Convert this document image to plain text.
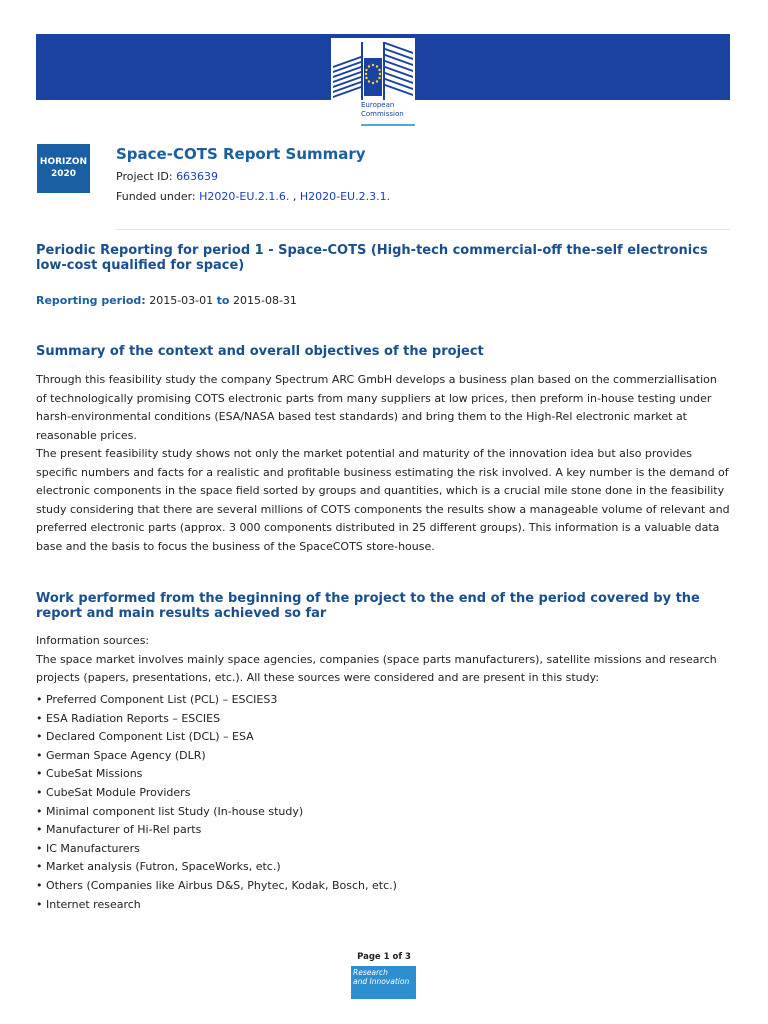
European
Commission
HORIZON
2020
Space-COTS Report Summary
Project ID: 663639
Funded under: H2020-EU.2.1.6. , H2020-EU.2.3.1.
Periodic Reporting for period 1 - Space-COTS (High-tech commercial-off the-self electronics low-cost qualified for space)
Reporting period: 2015-03-01 to 2015-08-31
Summary of the context and overall objectives of the project

Through this feasibility study the company Spectrum ARC GmbH develops a business plan based on the commerziallisation of technologically promising COTS electronic parts from many suppliers at low prices, then preform in-house testing under harsh-environmental conditions (ESA/NASA based test standards) and bring them to the High-Rel electronic market at reasonable prices.

The present feasibility study shows not only the market potential and maturity of the innovation idea but also provides specific numbers and facts for a realistic and profitable business estimating the risk involved. A key number is the demand of electronic components in the space field sorted by groups and quantities, which is a crucial mile stone done in the feasibility study considering that there are several millions of COTS components the results show a manageable volume of relevant and preferred electronic parts (approx. 3 000 components distributed in 25 different groups). This information is a valuable data base and the basis to focus the business of the SpaceCOTS store-house.

Work performed from the beginning of the project to the end of the period covered by the report and main results achieved so far

Information sources:

The space market involves mainly space agencies, companies (space parts manufacturers), satellite missions and research projects (papers, presentations, etc.). All these sources were considered and are present in this study:

• Preferred Component List (PCL) – ESCIES3
• ESA Radiation Reports – ESCIES
• Declared Component List (DCL) – ESA
• German Space Agency (DLR)
• CubeSat Missions
• CubeSat Module Providers
• Minimal component list Study (In-house study)
• Manufacturer of Hi-Rel parts
• IC Manufacturers
• Market analysis (Futron, SpaceWorks, etc.)
• Others (Companies like Airbus D&S, Phytec, Kodak, Bosch, etc.)
• Internet research
Page 1 of 3
Research
and Innovation
